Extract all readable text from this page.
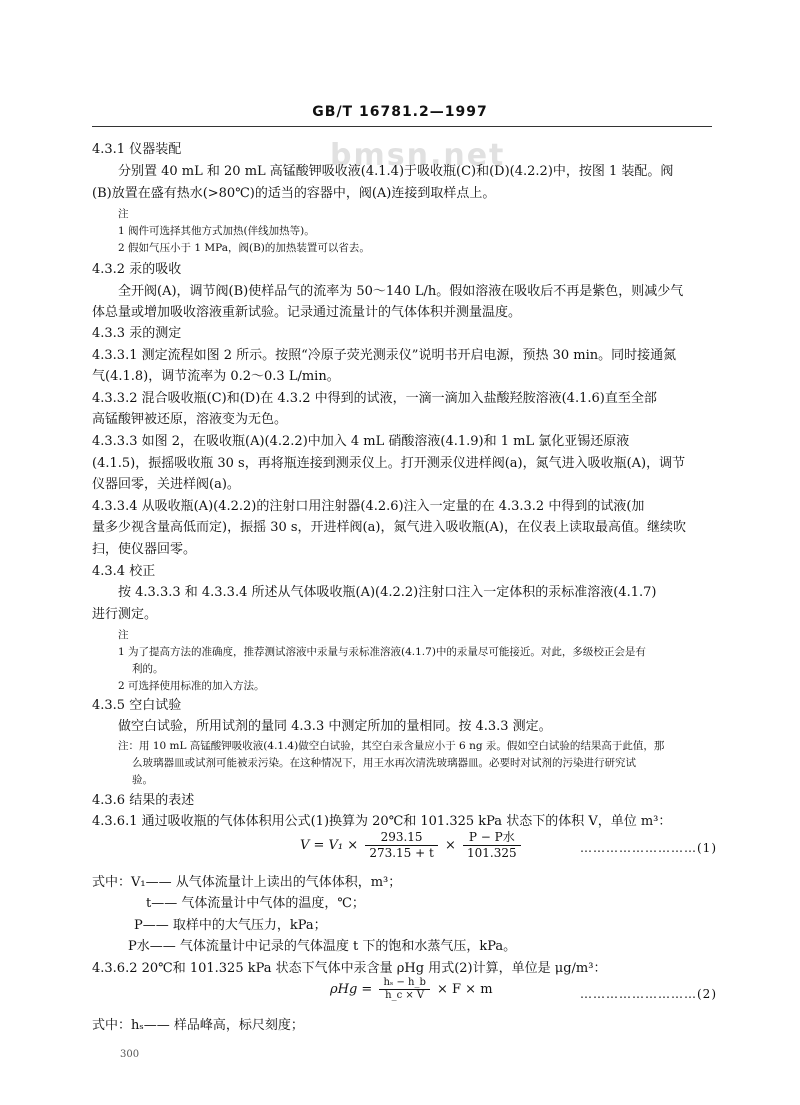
GB/T 16781.2—1997
bmsn.net
4.3.1 仪器装配
分别置 40 mL 和 20 mL 高锰酸钾吸收液(4.1.4)于吸收瓶(C)和(D)(4.2.2)中，按图 1 装配。阀
(B)放置在盛有热水(>80℃)的适当的容器中，阀(A)连接到取样点上。
注
1 阀件可选择其他方式加热(伴线加热等)。
2 假如气压小于 1 MPa，阀(B)的加热装置可以省去。
4.3.2 汞的吸收
全开阀(A)，调节阀(B)使样品气的流率为 50～140 L/h。假如溶液在吸收后不再是紫色，则减少气
体总量或增加吸收溶液重新试验。记录通过流量计的气体体积并测量温度。
4.3.3 汞的测定
4.3.3.1 测定流程如图 2 所示。按照“冷原子荧光测汞仪”说明书开启电源，预热 30 min。同时接通氮
气(4.1.8)，调节流率为 0.2～0.3 L/min。
4.3.3.2 混合吸收瓶(C)和(D)在 4.3.2 中得到的试液，一滴一滴加入盐酸羟胺溶液(4.1.6)直至全部
高锰酸钾被还原，溶液变为无色。
4.3.3.3 如图 2，在吸收瓶(A)(4.2.2)中加入 4 mL 硝酸溶液(4.1.9)和 1 mL 氯化亚锡还原液
(4.1.5)，振摇吸收瓶 30 s，再将瓶连接到测汞仪上。打开测汞仪进样阀(a)，氮气进入吸收瓶(A)，调节
仪器回零，关进样阀(a)。
4.3.3.4 从吸收瓶(A)(4.2.2)的注射口用注射器(4.2.6)注入一定量的在 4.3.3.2 中得到的试液(加
量多少视含量高低而定)，振摇 30 s，开进样阀(a)，氮气进入吸收瓶(A)，在仪表上读取最高值。继续吹
扫，使仪器回零。
4.3.4 校正
按 4.3.3.3 和 4.3.3.4 所述从气体吸收瓶(A)(4.2.2)注射口注入一定体积的汞标准溶液(4.1.7)
进行测定。
注
1 为了提高方法的准确度，推荐测试溶液中汞量与汞标准溶液(4.1.7)中的汞量尽可能接近。对此，多级校正会是有
利的。
2 可选择使用标准的加入方法。
4.3.5 空白试验
做空白试验，所用试剂的量同 4.3.3 中测定所加的量相同。按 4.3.3 测定。
注：用 10 mL 高锰酸钾吸收液(4.1.4)做空白试验，其空白汞含量应小于 6 ng 汞。假如空白试验的结果高于此值，那
么玻璃器皿或试剂可能被汞污染。在这种情况下，用王水再次清洗玻璃器皿。必要时对试剂的污染进行研究试
验。
4.3.6 结果的表述
4.3.6.1 通过吸收瓶的气体体积用公式(1)换算为 20℃和 101.325 kPa 状态下的体积 V，单位 m³：
$V = V_1 \times \frac{293.15}{273.15 + t} \times \frac{\text{P − P水}}{101.325}$	………………………(1)
式中：V₁—— 从气体流量计上读出的气体体积，m³；
t—— 气体流量计中气体的温度，℃；
P—— 取样中的大气压力，kPa；
P水—— 气体流量计中记录的气体温度 t 下的饱和水蒸气压，kPa。
4.3.6.2 20℃和 101.325 kPa 状态下气体中汞含量 ρHg 用式(2)计算，单位是 μg/m³：
$\rho Hg = \frac{\text{hₛ − h\_b}}{h\_c \times V} \times F \times m$	………………………(2)
式中：hₛ—— 样品峰高，标尺刻度；
300
